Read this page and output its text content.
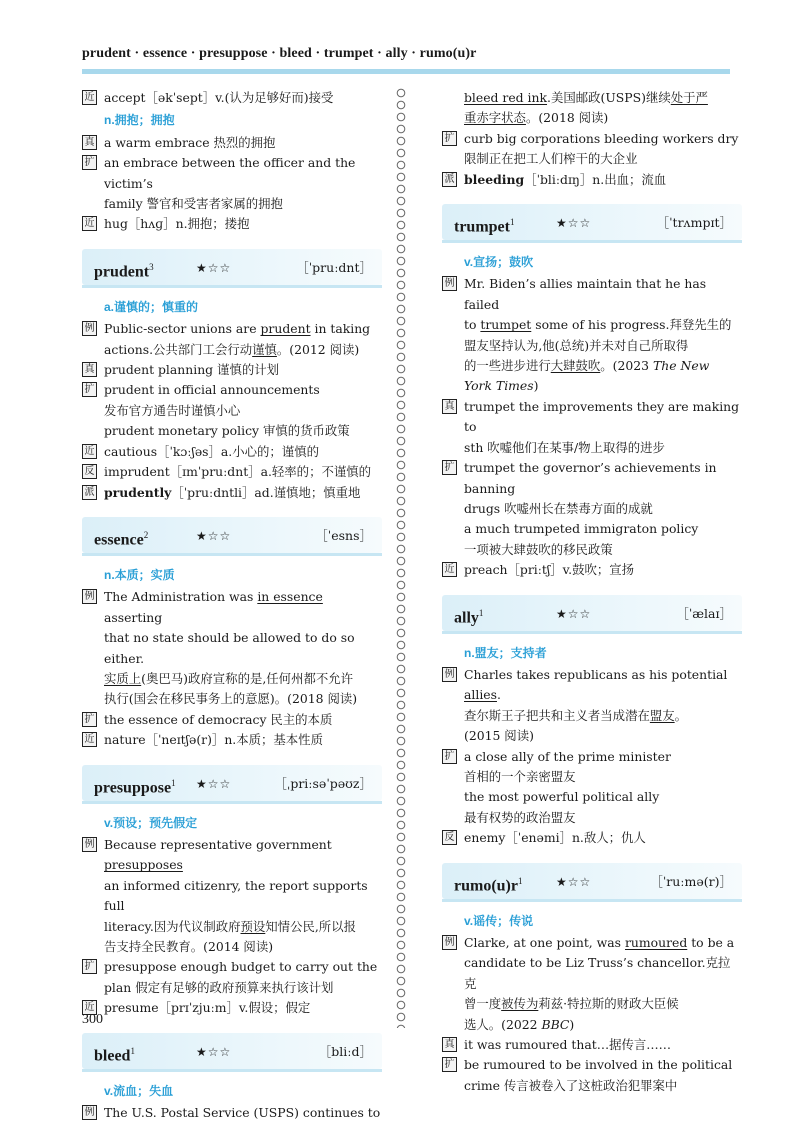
prudent · essence · presuppose · bleed · trumpet · ally · rumo(u)r
近 accept［əkˈsept］v.(认为足够好而)接受
n.拥抱；拥抱
真 a warm embrace 热烈的拥抱
扩 an embrace between the officer and the victim’s
family 警官和受害者家属的拥抱
近 hug［hʌɡ］n.拥抱；搂抱
prudent$^3$	★☆☆	［ˈpruːdnt］
a.谨慎的；慎重的
例 Public-sector unions are prudent in taking
actions.公共部门工会行动谨慎。(2012 阅读)
真 prudent planning 谨慎的计划
扩 prudent in official announcements
发布官方通告时谨慎小心
prudent monetary policy 审慎的货币政策
近 cautious［ˈkɔːʃəs］a.小心的；谨慎的
反 imprudent［ɪmˈpruːdnt］a.轻率的；不谨慎的
派 prudently［ˈpruːdntli］ad.谨慎地；慎重地
essence$^2$	★☆☆	［ˈesns］
n.本质；实质
例 The Administration was in essence asserting
that no state should be allowed to do so either.
实质上(奥巴马)政府宣称的是,任何州都不允许
执行(国会在移民事务上的意愿)。(2018 阅读)
扩 the essence of democracy 民主的本质
近 nature［ˈneɪtʃə(r)］n.本质；基本性质
presuppose$^1$ ★☆☆	［ˌpriːsəˈpəʊz］
v.预设；预先假定
例 Because representative government presupposes
an informed citizenry, the report supports full
literacy.因为代议制政府预设知情公民,所以报
告支持全民教育。(2014 阅读)
扩 presuppose enough budget to carry out the
plan 假定有足够的政府预算来执行该计划
近 presume［prɪˈzjuːm］v.假设；假定
bleed$^1$	★☆☆	［bliːd］
v.流血；失血
例 The U.S. Postal Service (USPS) continues to
bleed red ink.美国邮政(USPS)继续处于严
重赤字状态。(2018 阅读)
扩 curb big corporations bleeding workers dry
限制正在把工人们榨干的大企业
派 bleeding［ˈbliːdɪŋ］n.出血；流血
trumpet$^1$	★☆☆	［ˈtrʌmpɪt］
v.宣扬；鼓吹
例 Mr. Biden’s allies maintain that he has failed
to trumpet some of his progress.拜登先生的
盟友坚持认为,他(总统)并未对自己所取得
的一些进步进行大肆鼓吹。(2023 The New
York Times)
真 trumpet the improvements they are making to
sth 吹嘘他们在某事/物上取得的进步
扩 trumpet the governor’s achievements in banning
drugs 吹嘘州长在禁毒方面的成就
a much trumpeted immigraton policy
一项被大肆鼓吹的移民政策
近 preach［priːtʃ］v.鼓吹；宣扬
ally$^1$	★☆☆	［ˈælaɪ］
n.盟友；支持者
例 Charles takes republicans as his potential allies.
查尔斯王子把共和主义者当成潜在盟友。
(2015 阅读)
扩 a close ally of the prime minister
首相的一个亲密盟友
the most powerful political ally
最有权势的政治盟友
反 enemy［ˈenəmi］n.敌人；仇人
$rumo(u)r^1$	★☆☆	［ˈruːmə(r)］
v.谣传；传说
例 Clarke, at one point, was rumoured to be a
candidate to be Liz Truss’s chancellor.克拉克
曾一度被传为莉兹·特拉斯的财政大臣候
选人。(2022 BBC)
真 it was rumoured that…据传言……
扩 be rumoured to be involved in the political
crime 传言被卷入了这桩政治犯罪案中
300
